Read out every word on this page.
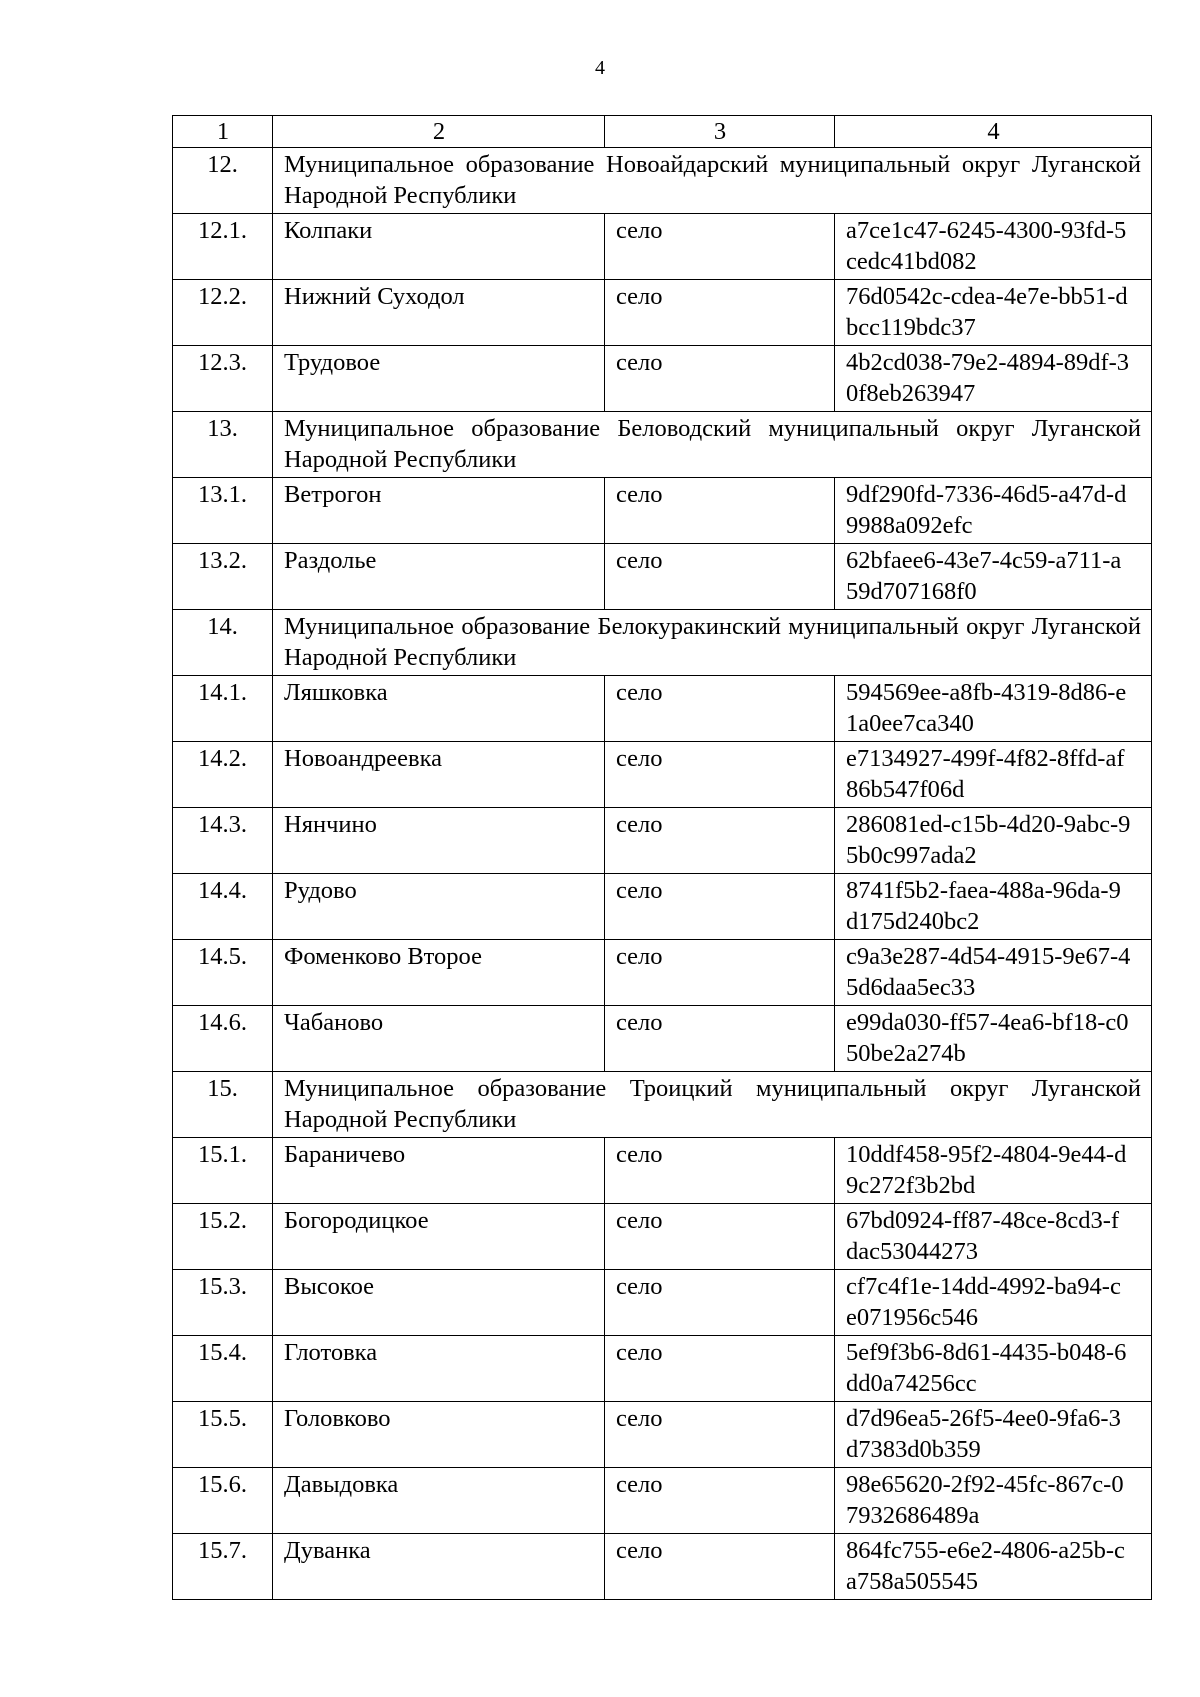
4
1	2	3	4
12.	Муниципальное образование Новоайдарский муниципальный округ Луганской Народной Республики		
12.1.	Колпаки	село	a7ce1c47-6245-4300-93fd-5cedc41bd082
12.2.	Нижний Суходол	село	76d0542c-cdea-4e7e-bb51-dbcc119bdc37
12.3.	Трудовое	село	4b2cd038-79e2-4894-89df-30f8eb263947
13.	Муниципальное образование Беловодский муниципальный округ Луганской Народной Республики		
13.1.	Ветрогон	село	9df290fd-7336-46d5-a47d-d9988a092efc
13.2.	Раздолье	село	62bfaee6-43e7-4c59-a711-a59d707168f0
14.	Муниципальное образование Белокуракинский муниципальный округ Луганской Народной Республики		
14.1.	Ляшковка	село	594569ee-a8fb-4319-8d86-e1a0ee7ca340
14.2.	Новоандреевка	село	e7134927-499f-4f82-8ffd-af86b547f06d
14.3.	Нянчино	село	286081ed-c15b-4d20-9abc-95b0c997ada2
14.4.	Рудово	село	8741f5b2-faea-488a-96da-9d175d240bc2
14.5.	Фоменково Второе	село	c9a3e287-4d54-4915-9e67-45d6daa5ec33
14.6.	Чабаново	село	e99da030-ff57-4ea6-bf18-c050be2a274b
15.	Муниципальное образование Троицкий муниципальный округ Луганской Народной Республики		
15.1.	Бараничево	село	10ddf458-95f2-4804-9e44-d9c272f3b2bd
15.2.	Богородицкое	село	67bd0924-ff87-48ce-8cd3-fdac53044273
15.3.	Высокое	село	cf7c4f1e-14dd-4992-ba94-ce071956c546
15.4.	Глотовка	село	5ef9f3b6-8d61-4435-b048-6dd0a74256cc
15.5.	Головково	село	d7d96ea5-26f5-4ee0-9fa6-3d7383d0b359
15.6.	Давыдовка	село	98e65620-2f92-45fc-867c-07932686489a
15.7.	Дуванка	село	864fc755-e6e2-4806-a25b-ca758a505545
